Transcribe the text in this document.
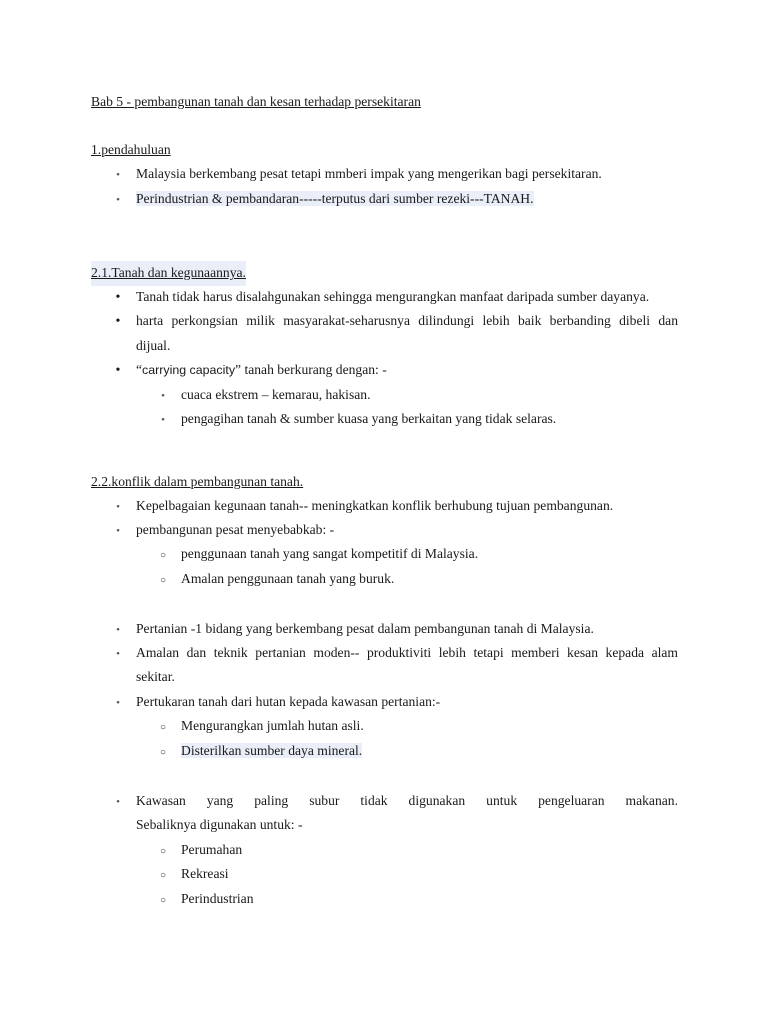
Bab 5 - pembangunan tanah dan kesan terhadap persekitaran
1.pendahuluan
•
Malaysia berkembang pesat tetapi mmberi impak yang mengerikan bagi persekitaran.
•
Perindustrian & pembandaran-----terputus dari sumber rezeki---TANAH.
2.1.Tanah dan kegunaannya.
•
Tanah tidak harus disalahgunakan sehingga mengurangkan manfaat daripada sumber dayanya.
•
harta perkongsian milik masyarakat-seharusnya dilindungi lebih baik berbanding dibeli dan
dijual.
•
“carrying capacity” tanah berkurang dengan: -
•
cuaca ekstrem – kemarau, hakisan.
•
pengagihan tanah & sumber kuasa yang berkaitan yang tidak selaras.
2.2.konflik dalam pembangunan tanah.
•
Kepelbagaian kegunaan tanah-- meningkatkan konflik berhubung tujuan pembangunan.
•
pembangunan pesat menyebabkab: -
○
penggunaan tanah yang sangat kompetitif di Malaysia.
○
Amalan penggunaan tanah yang buruk.
•
Pertanian -1 bidang yang berkembang pesat dalam pembangunan tanah di Malaysia.
•
Amalan dan teknik pertanian moden-- produktiviti lebih tetapi memberi kesan kepada alam
sekitar.
•
Pertukaran tanah dari hutan kepada kawasan pertanian:-
○
Mengurangkan jumlah hutan asli.
○
Disterilkan sumber daya mineral.
•
Kawasan yang paling subur tidak digunakan untuk pengeluaran makanan.
Sebaliknya digunakan untuk: -
○
Perumahan
○
Rekreasi
○
Perindustrian
